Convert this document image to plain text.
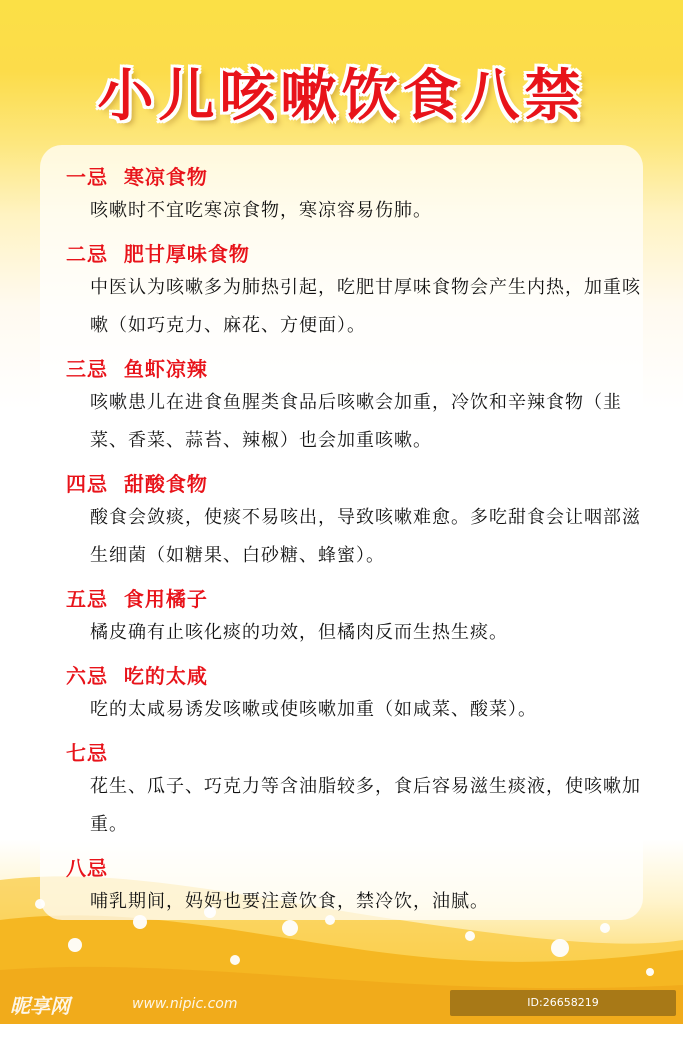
小儿咳嗽饮食八禁
一忌  寒凉食物
咳嗽时不宜吃寒凉食物，寒凉容易伤肺。
二忌  肥甘厚味食物
中医认为咳嗽多为肺热引起，吃肥甘厚味食物会产生内热，加重咳嗽（如巧克力、麻花、方便面）。
三忌  鱼虾凉辣
咳嗽患儿在进食鱼腥类食品后咳嗽会加重，冷饮和辛辣食物（韭菜、香菜、蒜苔、辣椒）也会加重咳嗽。
四忌  甜酸食物
酸食会敛痰，使痰不易咳出，导致咳嗽难愈。多吃甜食会让咽部滋生细菌（如糖果、白砂糖、蜂蜜）。
五忌  食用橘子
橘皮确有止咳化痰的功效，但橘肉反而生热生痰。
六忌  吃的太咸
吃的太咸易诱发咳嗽或使咳嗽加重（如咸菜、酸菜）。
七忌
花生、瓜子、巧克力等含油脂较多，食后容易滋生痰液，使咳嗽加重。
八忌
哺乳期间，妈妈也要注意饮食，禁冷饮，油腻。
昵享网	www.nipic.com	ID:26658219 NO:20220930134034023129
